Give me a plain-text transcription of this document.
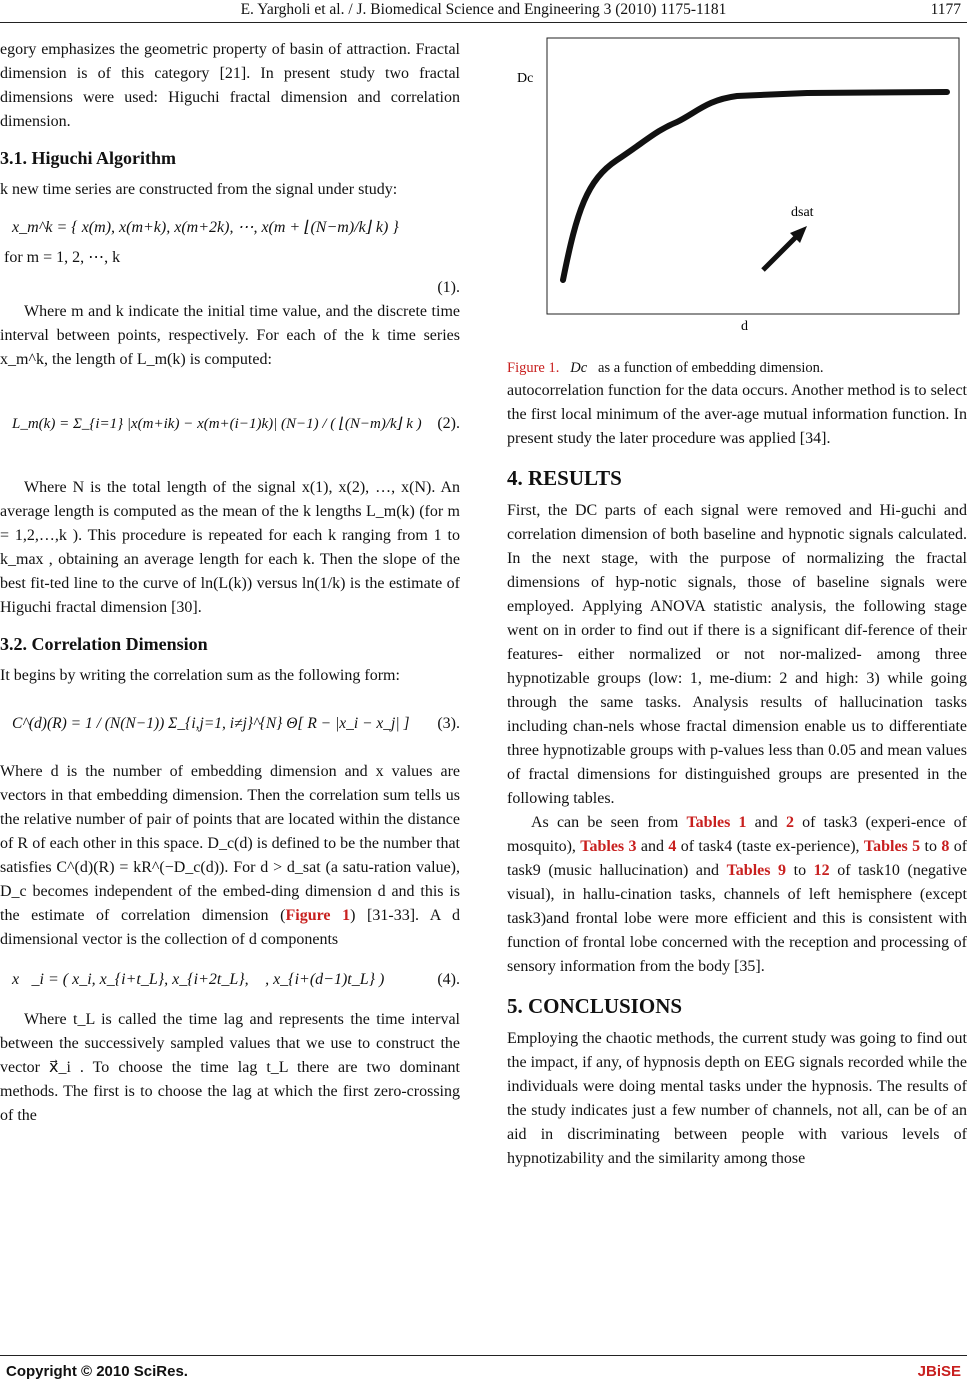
E. Yargholi et al. / J. Biomedical Science and Engineering 3 (2010) 1175-1181	1177

egory emphasizes the geometric property of basin of attraction. Fractal dimension is of this category [21]. In present study two fractal dimensions were used: Higuchi fractal dimension and correlation dimension.

3.1. Higuchi Algorithm

k new time series are constructed from the signal under study:

x_m^k = { x(m), x(m+k), x(m+2k), ⋯, x(m + ⌊(N−m)/k⌋ k) }
for m = 1, 2, ⋯, k
(1).

Where m and k indicate the initial time value, and the discrete time interval between points, respectively. For each of the k time series x_m^k, the length of L_m(k) is computed:

L_m(k) = Σ_{i=1} |x(m+ik) − x(m+(i−1)k)| (N−1) / ( ⌊(N−m)/k⌋ k ) (2).

Where N is the total length of the signal x(1), x(2), …, x(N). An average length is computed as the mean of the k lengths L_m(k) (for m = 1,2,…,k ). This procedure is repeated for each k ranging from 1 to k_max , obtaining an average length for each k. Then the slope of the best fit-ted line to the curve of ln(L(k)) versus ln(1/k) is the estimate of Higuchi fractal dimension [30].

3.2. Correlation Dimension

It begins by writing the correlation sum as the following form:

C^(d)(R) = 1 / (N(N−1)) Σ_{i,j=1, i≠j}^{N} Θ[ R − |x_i − x_j| ] (3).

Where d is the number of embedding dimension and x values are vectors in that embedding dimension. Then the correlation sum tells us the relative number of pair of points that are located within the distance of R of each other in this space. D_c(d) is defined to be the number that satisfies C^(d)(R) = kR^(−D_c(d)). For d > d_sat (a satu-ration value), D_c becomes independent of the embed-ding dimension d and this is the estimate of correlation dimension (Figure 1) [31-33]. A d dimensional vector is the collection of d components

x⃗_i = ( x_i, x_{i+t_L}, x_{i+2t_L}, ⋯, x_{i+(d−1)t_L} )	(4).

Where t_L is called the time lag and represents the time interval between the successively sampled values that we use to construct the vector x⃗_i . To choose the time lag t_L there are two dominant methods. The first is to choose the lag at which the first zero-crossing of the

Dc
dsat
d
Figure 1. Dc as a function of embedding dimension.

autocorrelation function for the data occurs. Another method is to select the first local minimum of the aver-age mutual information function. In present study the later procedure was applied [34].

4. RESULTS

First, the DC parts of each signal were removed and Hi-guchi and correlation dimension of both baseline and hypnotic signals calculated. In the next stage, with the purpose of normalizing the fractal dimensions of hyp-notic signals, those of baseline signals were employed. Applying ANOVA statistic analysis, the following stage went on in order to find out if there is a significant dif-ference of their features- either normalized or not nor-malized- among three hypnotizable groups (low: 1, me-dium: 2 and high: 3) while going through the same tasks. Analysis results of hallucination tasks including chan-nels whose fractal dimension enable us to differentiate three hypnotizable groups with p-values less than 0.05 and mean values of fractal dimensions for distinguished groups are presented in the following tables.

As can be seen from Tables 1 and 2 of task3 (experi-ence of mosquito), Tables 3 and 4 of task4 (taste ex-perience), Tables 5 to 8 of task9 (music hallucination) and Tables 9 to 12 of task10 (negative visual), in hallu-cination tasks, channels of left hemisphere (except task3)and frontal lobe were more efficient and this is consistent with function of frontal lobe concerned with the reception and processing of sensory information from the body [35].

5. CONCLUSIONS

Employing the chaotic methods, the current study was going to find out the impact, if any, of hypnosis depth on EEG signals recorded while the individuals were doing mental tasks under the hypnosis. The results of the study indicates just a few number of channels, not all, can be of an aid in discriminating between people with various levels of hypnotizability and the similarity among those

Copyright © 2010 SciRes.	JBiSE
